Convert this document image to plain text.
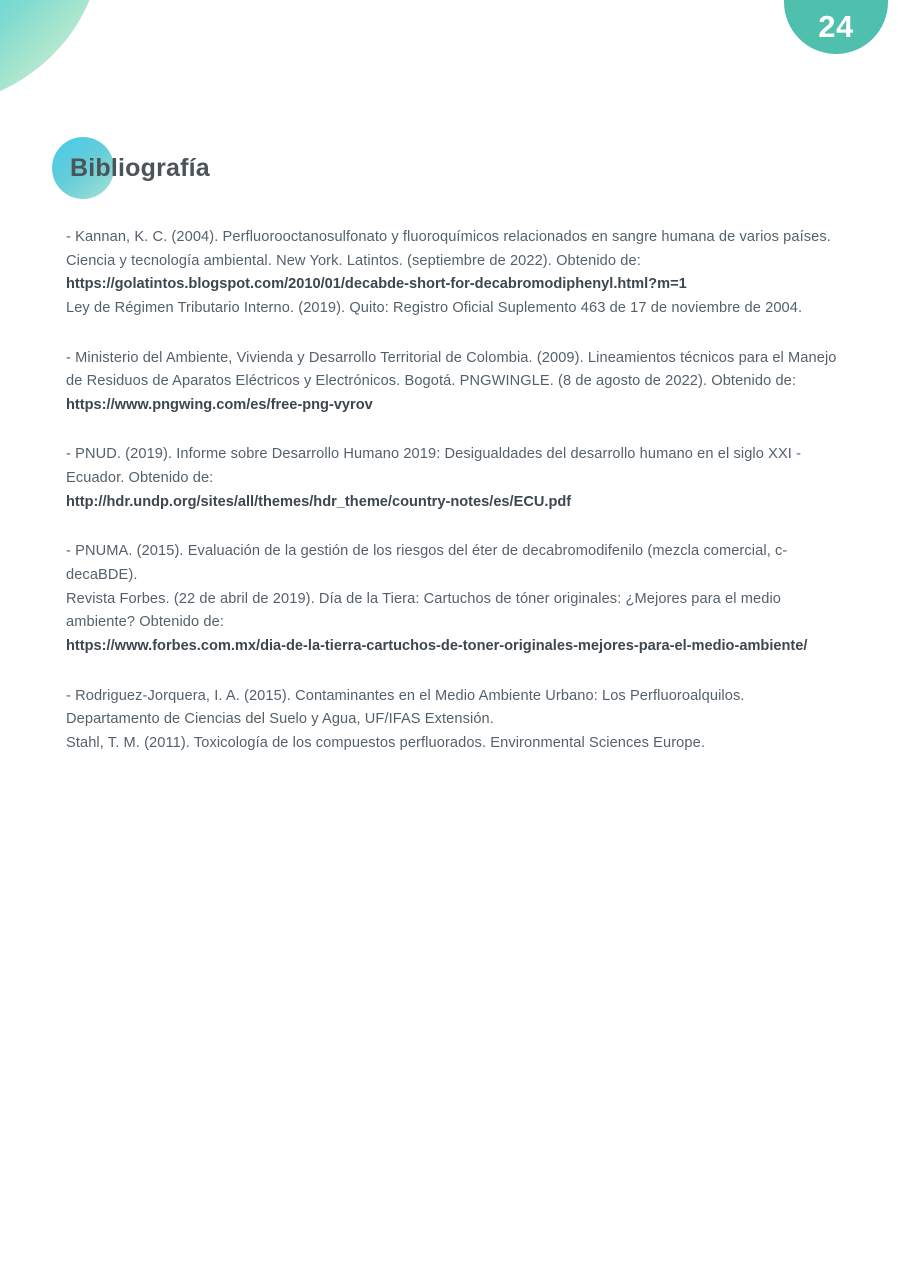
24
Bibliografía

- Kannan, K. C. (2004). Perfluorooctanosulfonato y fluoroquímicos relacionados en sangre humana de varios países. Ciencia y tecnología ambiental. New York. Latintos. (septiembre de 2022). Obtenido de:

https://golatintos.blogspot.com/2010/01/decabde-short-for-decabromodiphenyl.html?m=1

Ley de Régimen Tributario Interno. (2019). Quito: Registro Oficial Suplemento 463 de 17 de noviembre de 2004.

- Ministerio del Ambiente, Vivienda y Desarrollo Territorial de Colombia. (2009). Lineamientos técnicos para el Manejo de Residuos de Aparatos Eléctricos y Electrónicos. Bogotá. PNGWINGLE. (8 de agosto de 2022). Obtenido de:

https://www.pngwing.com/es/free-png-vyrov

- PNUD. (2019). Informe sobre Desarrollo Humano 2019: Desigualdades del desarrollo humano en el siglo XXI - Ecuador. Obtenido de:

http://hdr.undp.org/sites/all/themes/hdr_theme/country-notes/es/ECU.pdf

- PNUMA. (2015). Evaluación de la gestión de los riesgos del éter de decabromodifenilo (mezcla comercial, c-decaBDE).

Revista Forbes. (22 de abril de 2019). Día de la Tiera: Cartuchos de tóner originales: ¿Mejores para el medio ambiente? Obtenido de:

https://www.forbes.com.mx/dia-de-la-tierra-cartuchos-de-toner-originales-mejores-para-el-medio-ambiente/

- Rodriguez-Jorquera, I. A. (2015). Contaminantes en el Medio Ambiente Urbano: Los Perfluoroalquilos. Departamento de Ciencias del Suelo y Agua, UF/IFAS Extensión.

Stahl, T. M. (2011). Toxicología de los compuestos perfluorados. Environmental Sciences Europe.
